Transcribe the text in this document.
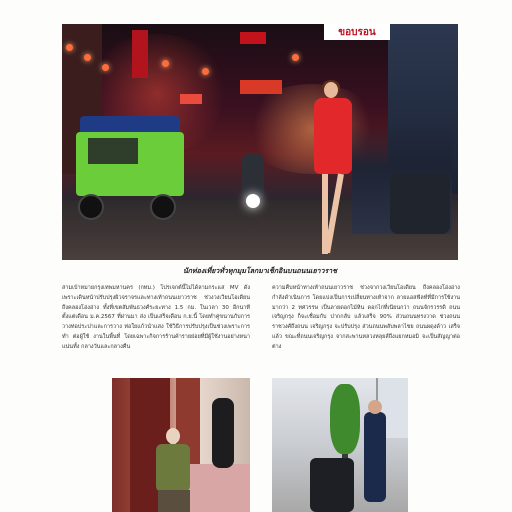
ขอบรอน
นักท่องเที่ยวทั่วทุกมุมโลกมาเช็กอินบนถนนเยาวราช
สามเบ้าหมายกรุงเทพมหานคร (กทม.) โปรเจกต์นี้ไม่ได้ลามกระแส MV ดัง เพราะเดินหน้าปรับปรุงผิวจราจรและทางเท้าถนนเยาวราช ช่วงวงเวียนโอเดียนถึงคลองโอ่งอ่าง ทั้งที่เขตสัมพันธวงศ์ระยะทาง 1.5 กม. ในเวลา 30 อีกนาที ตั้งแต่เดือน ม.ค.2567 ที่ผ่านมา ส่ง เป็นเสร็จเดือน ก.ย.นี้ โดยทำคู่ขนานกับการวางท่อประปาและการวาง ท่อใยแก้วนำแสง ใช้วิธีการปรับปรุงเป็นช่วงเพราะการทำ ต่อผู้ใช้ งานในพื้นที่ โดยเฉพาะกิจการร้านค้ารายย่อยที่มีผู้ใช้งานอย่างหนาแน่นทั้ง กลางวันและกลางคืน
ความคืบหน้าทางเท้าถนนเยาวราช ช่วงจากวงเวียนโอเดียน ถึงคลองโอ่งอ่างกำลังดำเนินการ โดยแบ่งเป็นการเปลี่ยนทางเท้าจาก ลายแอสฟัลท์ที่มีการใช้งานมากว่า 2 ทศวรรษ เป็นลายดอกไม้หิน ดอกไก่ที่เนียนกว่า ถนนจักรวรรดิ ถนนเจริญกรุง ก็จะเชื่อมกับ ปากกลับ แล้วเสร็จ 90% ส่วนถนนทรงวาด ช่วงถนนราชวงศ์ถึงถนน เจริญกรุง จะปรับปรุง ส่วนถนนพลับพลาไชย ถนนผดุงด้าว เสร็จแล้ว ขณะที่ถนนเจริญกรุง จากสะพานหลวงหลุยส์ถึงแยกหมอมิ จะเป็นสัญญาต่อต่าง
